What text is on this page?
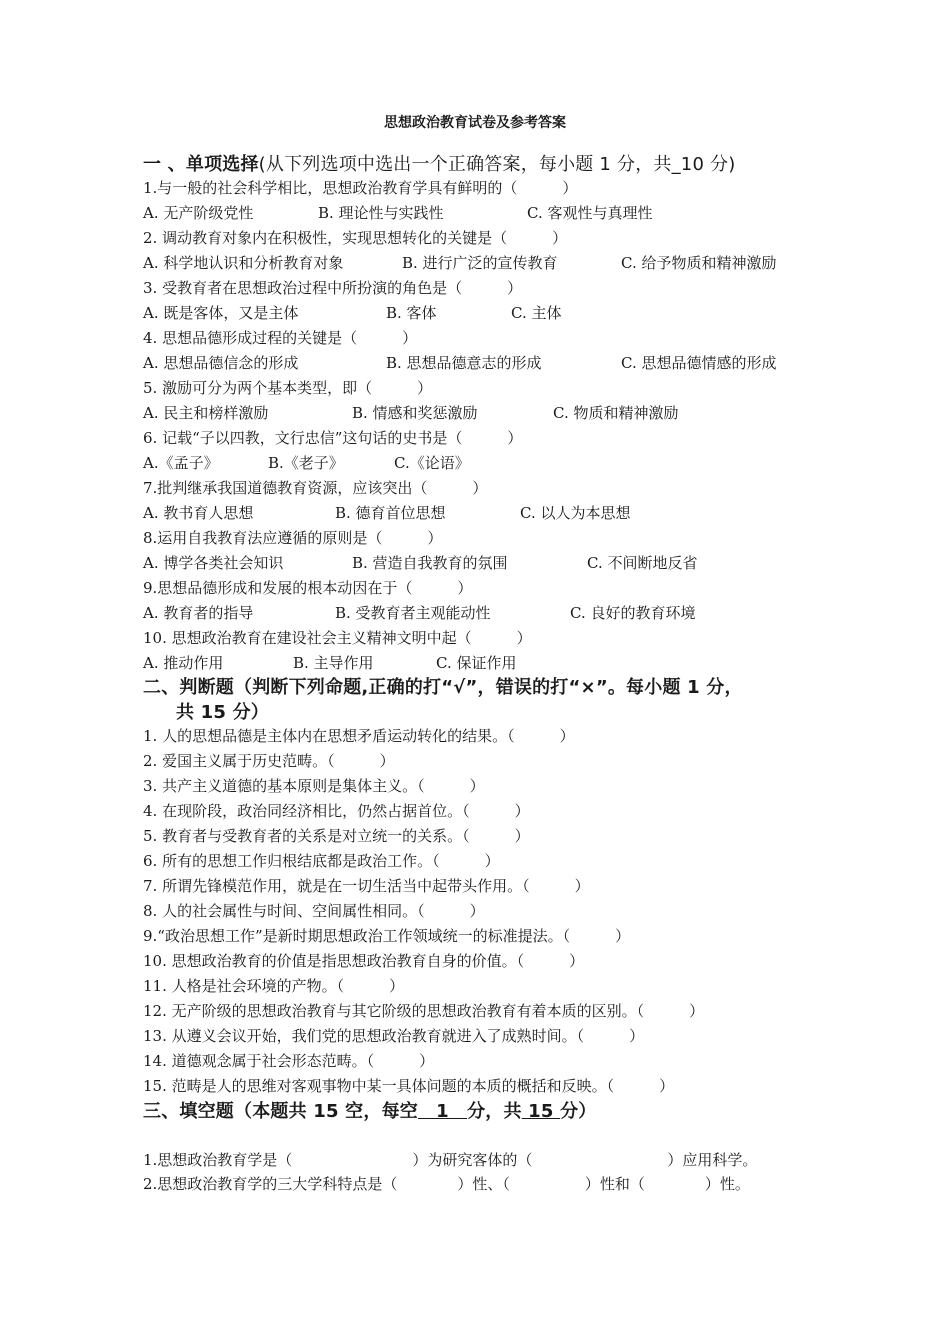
思想政治教育试卷及参考答案
一 、单项选择(从下列选项中选出一个正确答案，每小题 1 分，共_10 分)
1.与一般的社会科学相比，思想政治教育学具有鲜明的（　　　）
A. 无产阶级党性	B. 理论性与实践性	C. 客观性与真理性
2. 调动教育对象内在积极性，实现思想转化的关键是（　　　）
A. 科学地认识和分析教育对象	B. 进行广泛的宣传教育	C. 给予物质和精神激励
3. 受教育者在思想政治过程中所扮演的角色是（　　　）
A. 既是客体，又是主体	B. 客体	C. 主体
4. 思想品德形成过程的关键是（　　　）
A. 思想品德信念的形成	B. 思想品德意志的形成	C. 思想品德情感的形成
5. 激励可分为两个基本类型，即（　　　）
A. 民主和榜样激励	B. 情感和奖惩激励	C. 物质和精神激励
6. 记载“子以四教，文行忠信”这句话的史书是（　　　）
A.《孟子》	B.《老子》	C.《论语》
7.批判继承我国道德教育资源，应该突出（　　　）
A. 教书育人思想	B. 德育首位思想	C. 以人为本思想
8.运用自我教育法应遵循的原则是（　　　）
A. 博学各类社会知识	B. 营造自我教育的氛围	C. 不间断地反省
9.思想品德形成和发展的根本动因在于（　　　）
A. 教育者的指导	B. 受教育者主观能动性	C. 良好的教育环境
10. 思想政治教育在建设社会主义精神文明中起（　　　）
A. 推动作用	B. 主导作用	C. 保证作用
二、判断题（判断下列命题,正确的打“√”，错误的打“×”。每小题 1 分，
共 15 分）
1. 人的思想品德是主体内在思想矛盾运动转化的结果。（　　　）
2. 爱国主义属于历史范畴。（　　　）
3. 共产主义道德的基本原则是集体主义。（　　　）
4. 在现阶段，政治同经济相比，仍然占据首位。（　　　）
5. 教育者与受教育者的关系是对立统一的关系。（　　　）
6. 所有的思想工作归根结底都是政治工作。（　　　）
7. 所谓先锋模范作用，就是在一切生活当中起带头作用。（　　　）
8. 人的社会属性与时间、空间属性相同。（　　　）
9.“政治思想工作”是新时期思想政治工作领域统一的标准提法。（　　　）
10. 思想政治教育的价值是指思想政治教育自身的价值。（　　　）
11. 人格是社会环境的产物。（　　　）
12. 无产阶级的思想政治教育与其它阶级的思想政治教育有着本质的区别。（　　　）
13. 从遵义会议开始，我们党的思想政治教育就进入了成熟时间。（　　　）
14. 道德观念属于社会形态范畴。（　　　）
15. 范畴是人的思维对客观事物中某一具体问题的本质的概括和反映。（　　　）
三、填空题（本题共 15 空，每空　1　分，共 15 分）
1.思想政治教育学是（　　　　　　　　）为研究客体的（　　　　　　　　　）应用科学。
2.思想政治教育学的三大学科特点是（　　　　）性、（　　　　　）性和（　　　　）性。
